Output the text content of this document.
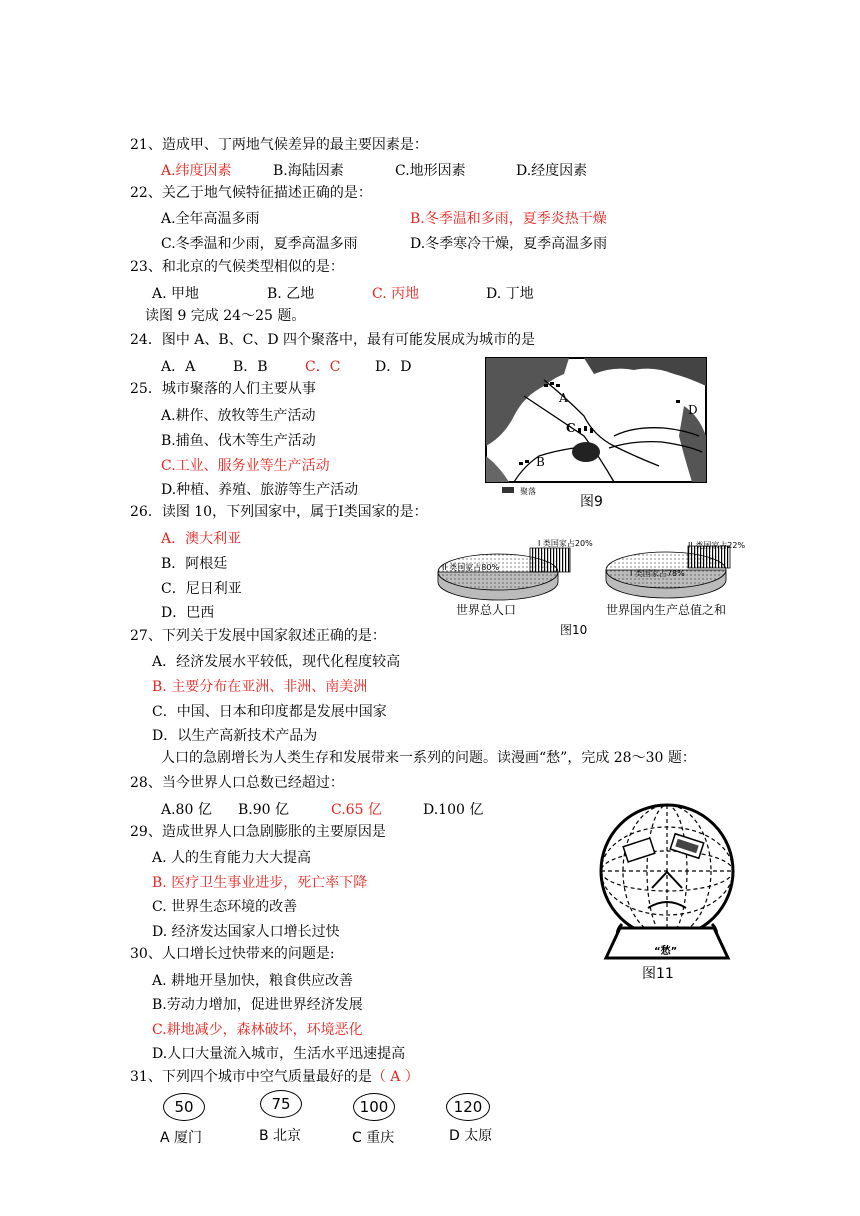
21、造成甲、丁两地气候差异的最主要因素是：
A.纬度因素	B.海陆因素	C.地形因素	D.经度因素
22、关乙于地气候特征描述正确的是：
A.全年高温多雨	B.冬季温和多雨，夏季炎热干燥
C.冬季温和少雨，夏季高温多雨	D.冬季寒冷干燥，夏季高温多雨
23、和北京的气候类型相似的是：
A. 甲地	B. 乙地	C. 丙地	D. 丁地
读图 9 完成 24～25 题。
24．图中 A、B、C、D 四个聚落中，最有可能发展成为城市的是
A．A	B．B	C．C D．D
25．城市聚落的人们主要从事
A.耕作、放牧等生产活动
B.捕鱼、伐木等生产活动
C.工业、服务业等生产活动
D.种植、养殖、旅游等生产活动
A
B
C
D
聚落
图9
26．读图 10，下列国家中，属于Ⅰ类国家的是：
A．澳大利亚
B．阿根廷
C．尼日利亚
D．巴西
II 类国家占80%
I 类国家占20%
世界总人口
I 类国家占78%
II 类国家占22%
世界国内生产总值之和
图10
27、下列关于发展中国家叙述正确的是：
A．经济发展水平较低，现代化程度较高
B. 主要分布在亚洲、非洲、南美洲
C．中国、日本和印度都是发展中国家
D．以生产高新技术产品为
人口的急剧增长为人类生存和发展带来一系列的问题。读漫画“愁”，完成 28～30 题：
28、当今世界人口总数已经超过：
A.80 亿 B.90 亿	C.65 亿	D.100 亿
29、造成世界人口急剧膨胀的主要原因是
A. 人的生育能力大大提高
B. 医疗卫生事业进步，死亡率下降
C. 世界生态环境的改善
D. 经济发达国家人口增长过快
“愁”
图11
30、人口增长过快带来的问题是:
A. 耕地开垦加快，粮食供应改善
B.劳动力增加，促进世界经济发展
C.耕地减少，森林破坏，环境恶化
D.人口大量流入城市，生活水平迅速提高
31、下列四个城市中空气质量最好的是（ A ）
50
A 厦门
75
B 北京
100
C 重庆
120
D 太原
